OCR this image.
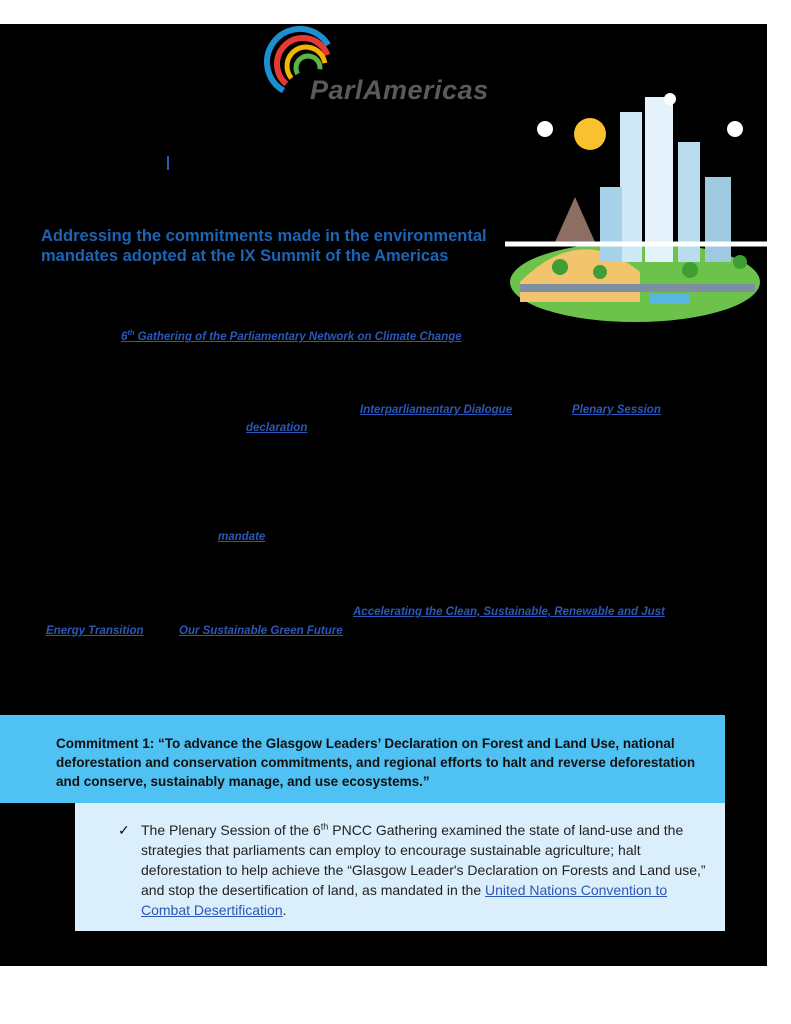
ParlAmericas
Addressing the commitments made in the environmental mandates adopted at the IX Summit of the Americas
6th Gathering of the Parliamentary Network on Climate Change
Interparliamentary Dialogue	Plenary Session
declaration
mandate
Accelerating the Clean, Sustainable, Renewable and Just
Energy Transition	Our Sustainable Green Future
Commitment 1: “To advance the Glasgow Leaders’ Declaration on Forest and Land Use, national deforestation and conservation commitments, and regional efforts to halt and reverse deforestation and conserve, sustainably manage, and use ecosystems.”
✓ The Plenary Session of the 6th PNCC Gathering examined the state of land-use and the strategies that parliaments can employ to encourage sustainable agriculture; halt deforestation to help achieve the “Glasgow Leader's Declaration on Forests and Land use,” and stop the desertification of land, as mandated in the United Nations Convention to Combat Desertification.
